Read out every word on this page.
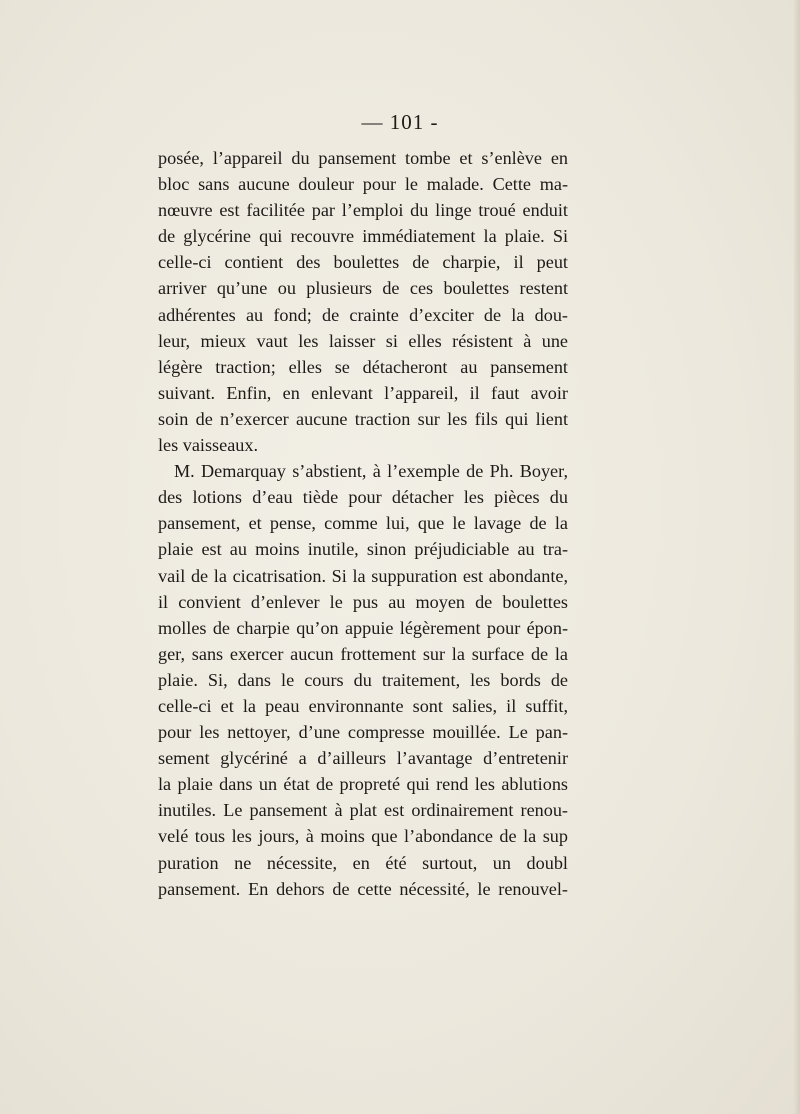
— 101 -
posée, l’appareil du pansement tombe et s’enlève en
bloc sans aucune douleur pour le malade. Cette ma-
nœuvre est facilitée par l’emploi du linge troué enduit
de glycérine qui recouvre immédiatement la plaie. Si
celle-ci contient des boulettes de charpie, il peut
arriver qu’une ou plusieurs de ces boulettes restent
adhérentes au fond; de crainte d’exciter de la dou-
leur, mieux vaut les laisser si elles résistent à une
légère traction; elles se détacheront au pansement
suivant. Enfin, en enlevant l’appareil, il faut avoir
soin de n’exercer aucune traction sur les fils qui lient
les vaisseaux.
M. Demarquay s’abstient, à l’exemple de Ph. Boyer,
des lotions d’eau tiède pour détacher les pièces du
pansement, et pense, comme lui, que le lavage de la
plaie est au moins inutile, sinon préjudiciable au tra-
vail de la cicatrisation. Si la suppuration est abondante,
il convient d’enlever le pus au moyen de boulettes
molles de charpie qu’on appuie légèrement pour épon-
ger, sans exercer aucun frottement sur la surface de la
plaie. Si, dans le cours du traitement, les bords de
celle-ci et la peau environnante sont salies, il suffit,
pour les nettoyer, d’une compresse mouillée. Le pan-
sement glycériné a d’ailleurs l’avantage d’entretenir
la plaie dans un état de propreté qui rend les ablutions
inutiles. Le pansement à plat est ordinairement renou-
velé tous les jours, à moins que l’abondance de la sup
puration ne nécessite, en été surtout, un doubl
pansement. En dehors de cette nécessité, le renouvel-
